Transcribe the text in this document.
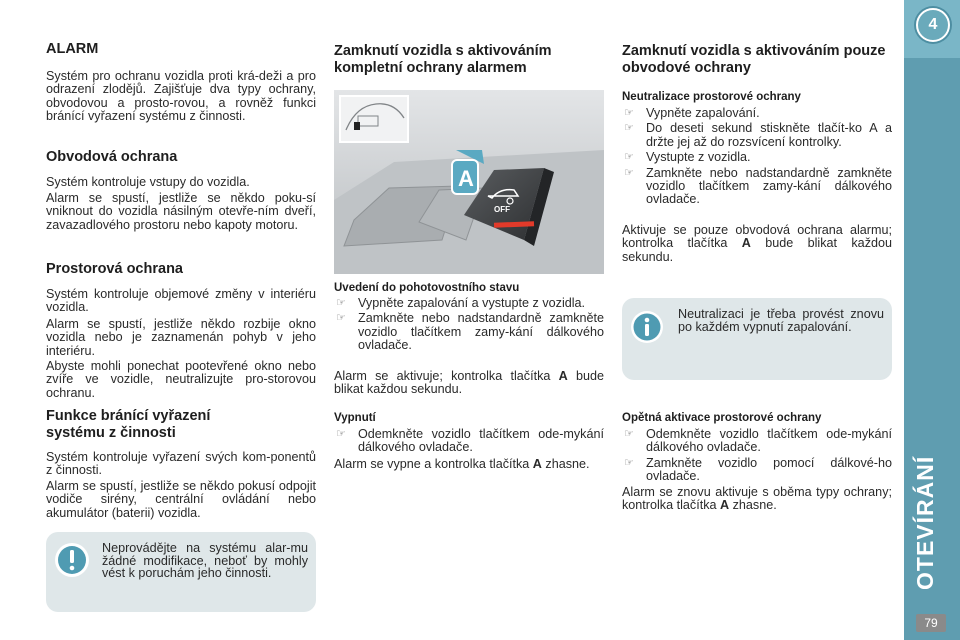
ALARM

Systém pro ochranu vozidla proti krá-deži a pro odrazení zlodějů. Zajišťuje dva typy ochrany, obvodovou a prosto-rovou, a rovněž funkci bránící vyřazení systému z činnosti.

Obvodová ochrana

Systém kontroluje vstupy do vozidla.

Alarm se spustí, jestliže se někdo poku-sí vniknout do vozidla násilným otevře-ním dveří, zavazadlového prostoru nebo kapoty motoru.

Prostorová ochrana

Systém kontroluje objemové změny v interiéru vozidla.

Alarm se spustí, jestliže někdo rozbije okno vozidla nebo je zaznamenán pohyb v jeho interiéru.

Abyste mohli ponechat pootevřené okno nebo zvíře ve vozidle, neutralizujte pro-storovou ochranu.

Funkce bránící vyřazení systému z činnosti

Systém kontroluje vyřazení svých kom-ponentů z činnosti.

Alarm se spustí, jestliže se někdo pokusí odpojit vodiče sirény, centrální ovládání nebo akumulátor (baterii) vozidla.

Neprovádějte na systému alar-mu žádné modifikace, neboť by mohly vést k poruchám jeho činnosti.
Zamknutí vozidla s aktivováním kompletní ochrany alarmem
OFF
A
Uvedení do pohotovostního stavu
☞ Vypněte zapalování a vystupte z vozidla.
☞ Zamkněte nebo nadstandardně zamkněte vozidlo tlačítkem zamy-kání dálkového ovladače.

Alarm se aktivuje; kontrolka tlačítka A bude blikat každou sekundu.

Vypnutí
☞ Odemkněte vozidlo tlačítkem ode-mykání dálkového ovladače.

Alarm se vypne a kontrolka tlačítka A zhasne.

Zamknutí vozidla s aktivováním pouze obvodové ochrany
Neutralizace prostorové ochrany
☞ Vypněte zapalování.
☞ Do deseti sekund stiskněte tlačít-ko A a držte jej až do rozsvícení kontrolky.
☞ Vystupte z vozidla.
☞ Zamkněte nebo nadstandardně zamkněte vozidlo tlačítkem zamy-kání dálkového ovladače.

Aktivuje se pouze obvodová ochrana alarmu; kontrolka tlačítka A bude blikat každou sekundu.

Neutralizaci je třeba provést znovu po každém vypnutí zapalování.
Opětná aktivace prostorové ochrany
☞ Odemkněte vozidlo tlačítkem ode-mykání dálkového ovladače.
☞ Zamkněte vozidlo pomocí dálkové-ho ovladače.

Alarm se znovu aktivuje s oběma typy ochrany; kontrolka tlačítka A zhasne.

4
OTEVÍRÁNÍ
79
